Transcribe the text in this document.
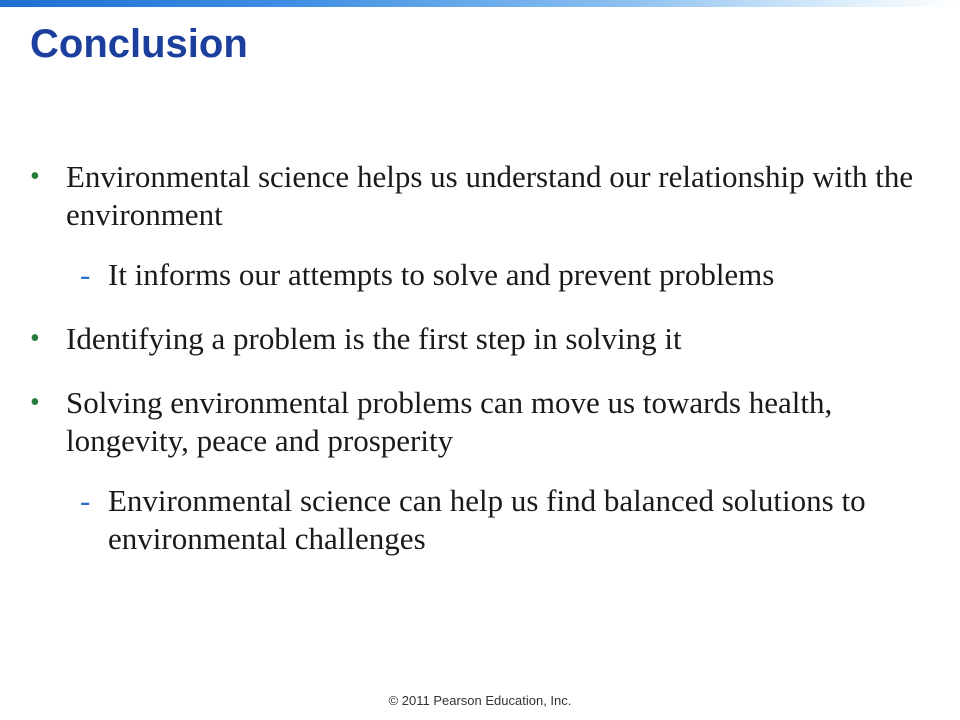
Conclusion
• Environmental science helps us understand our relationship with the environment
- It informs our attempts to solve and prevent problems
• Identifying a problem is the first step in solving it
• Solving environmental problems can move us towards health, longevity, peace and prosperity
- Environmental science can help us find balanced solutions to environmental challenges
© 2011 Pearson Education, Inc.
